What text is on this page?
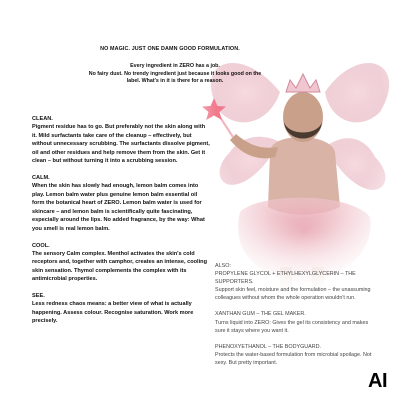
NO MAGIC. JUST ONE DAMN GOOD FORMULATION.
Every ingredient in ZERO has a job.
No fairy dust. No trendy ingredient just because it looks good on the
label. What's in it is there for a reason.
CLEAN.

Pigment residue has to go. But preferably not the skin along with it. Mild surfactants take care of the cleanup – effectively, but without unnecessary scrubbing. The surfactants dissolve pigment, oil and other residues and help remove them from the skin. Get it clean – but without turning it into a scrubbing session.

CALM.

When the skin has slowly had enough, lemon balm comes into play. Lemon balm water plus genuine lemon balm essential oil form the botanical heart of ZERO. Lemon balm water is used for skincare – and lemon balm is scientifically quite fascinating, especially around the lips. No added fragrance, by the way: What you smell is real lemon balm.

COOL.

The sensory Calm complex. Menthol activates the skin's cold receptors and, together with camphor, creates an intense, cooling skin sensation. Thymol complements the complex with its antimicrobial properties.

SEE.

Less redness chaos means: a better view of what is actually happening. Assess colour. Recognise saturation. Work more precisely.

ALSO:

PROPYLENE GLYCOL + ETHYLHEXYLGLYCERIN – THE SUPPORTERS.

Support skin feel, moisture and the formulation – the unassuming colleagues without whom the whole operation wouldn't run.

XANTHAN GUM – THE GEL MAKER.

Turns liquid into ZERO: Gives the gel its consistency and makes sure it stays where you want it.

PHENOXYETHANOL – THE BODYGUARD.

Protects the water-based formulation from microbial spoilage. Not sexy. But pretty important.

AI
